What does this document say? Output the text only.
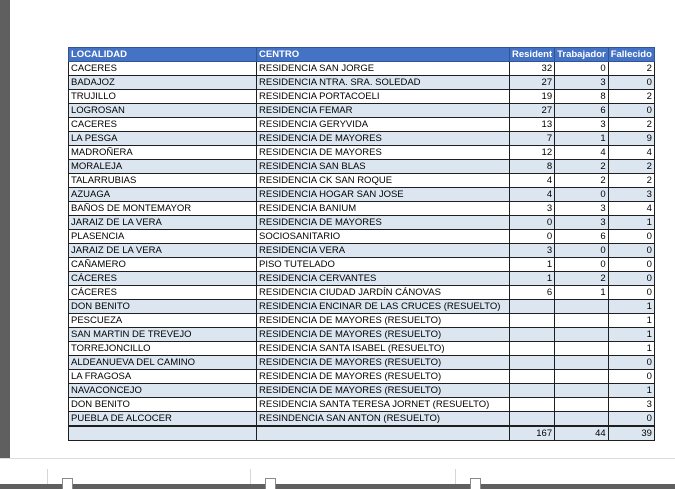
LOCALIDAD	CENTRO	Resident	Trabajador	Fallecido
CACERES	RESIDENCIA SAN JORGE	32	0	2
BADAJOZ	RESIDENCIA NTRA. SRA. SOLEDAD	27	3	0
TRUJILLO	RESIDENCIA PORTACOELI	19	8	2
LOGROSAN	RESIDENCIA FEMAR	27	6	0
CACERES	RESIDENCIA GERYVIDA	13	3	2
LA PESGA	RESIDENCIA DE MAYORES	7	1	9
MADROÑERA	RESIDENCIA DE MAYORES	12	4	4
MORALEJA	RESIDENCIA SAN BLAS	8	2	2
TALARRUBIAS	RESIDENCIA CK SAN ROQUE	4	2	2
AZUAGA	RESIDENCIA HOGAR SAN JOSE	4	0	3
BAÑOS DE MONTEMAYOR	RESIDENCIA BANIUM	3	3	4
JARAIZ DE LA VERA	RESIDENCIA DE MAYORES	0	3	1
PLASENCIA	SOCIOSANITARIO	0	6	0
JARAIZ DE LA VERA	RESIDENCIA VERA	3	0	0
CAÑAMERO	PISO TUTELADO	1	0	0
CÁCERES	RESIDENCIA CERVANTES	1	2	0
CÁCERES	RESIDENCIA CIUDAD JARDÍN CÁNOVAS	6	1	0
DON BENITO	RESIDENCIA ENCINAR DE LAS CRUCES (RESUELTO)			1
PESCUEZA	RESIDENCIA DE MAYORES (RESUELTO)			1
SAN MARTIN DE TREVEJO	RESIDENCIA DE MAYORES (RESUELTO)			1
TORREJONCILLO	RESIDENCIA SANTA ISABEL (RESUELTO)			1
ALDEANUEVA DEL CAMINO	RESIDENCIA DE MAYORES (RESUELTO)			0
LA FRAGOSA	RESIDENCIA DE MAYORES (RESUELTO)			0
NAVACONCEJO	RESIDENCIA DE MAYORES (RESUELTO)			1
DON BENITO	RESIDENCIA SANTA TERESA JORNET (RESUELTO)			3
PUEBLA DE ALCOCER	RESINDENCIA SAN ANTON (RESUELTO)			0
		167	44	39
